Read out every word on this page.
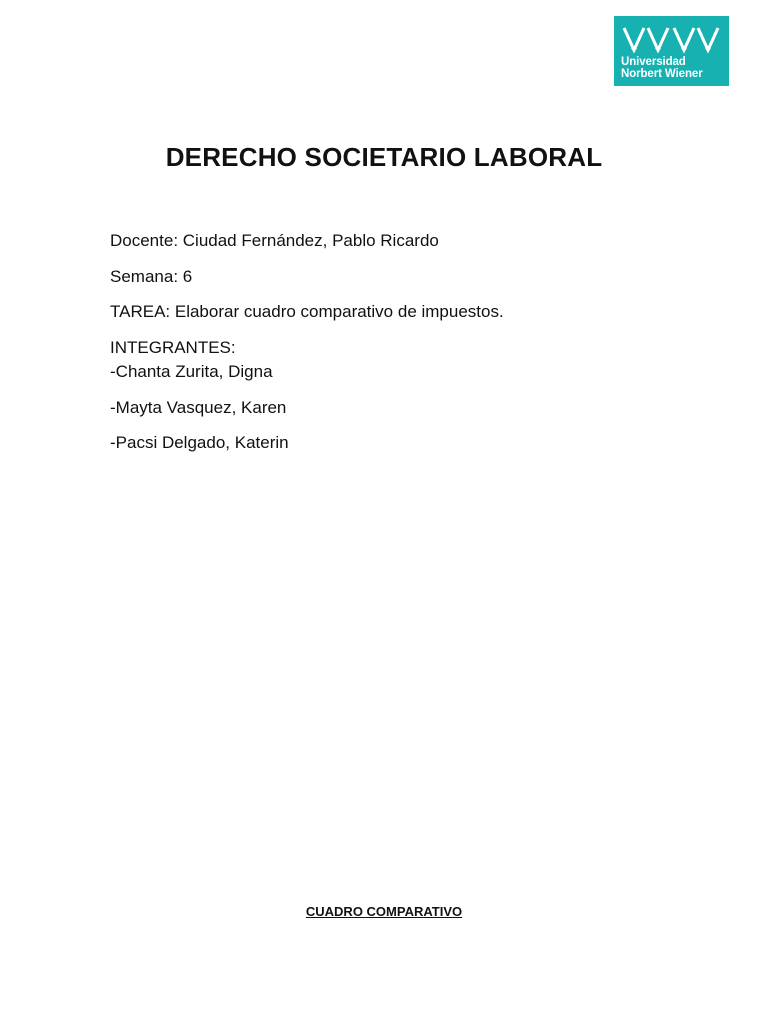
Universidad
Norbert Wiener
DERECHO SOCIETARIO LABORAL
Docente: Ciudad Fernández, Pablo Ricardo
Semana: 6
TAREA: Elaborar cuadro comparativo de impuestos.
INTEGRANTES:
-Chanta Zurita, Digna
-Mayta Vasquez, Karen
-Pacsi Delgado, Katerin
CUADRO COMPARATIVO
